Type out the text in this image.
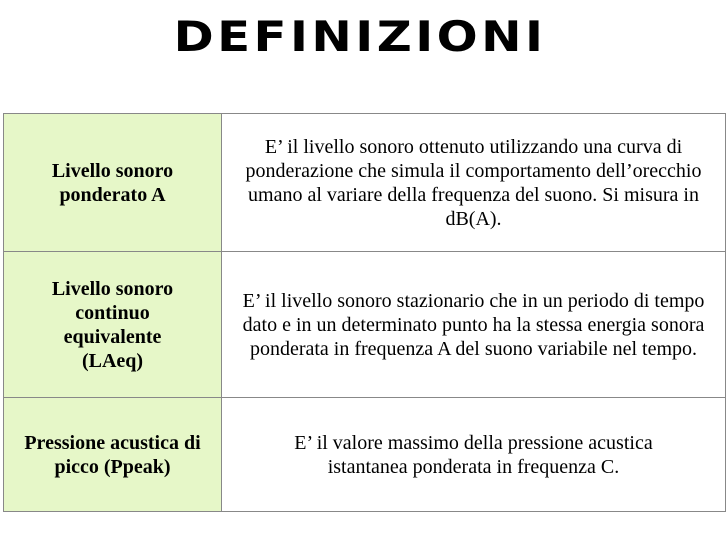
DEFINIZIONI
Livello sonoro ponderato A	E’ il livello sonoro ottenuto utilizzando una curva di ponderazione che simula il comportamento dell’orecchio umano al variare della frequenza del suono. Si misura in dB(A).
Livello sonoro continuo equivalente (LAeq)	E’ il livello sonoro stazionario che in un periodo di tempo dato e in un determinato punto ha la stessa energia sonora ponderata in frequenza A del suono variabile nel tempo.
Pressione acustica di picco (Ppeak)	E’ il valore massimo della pressione acustica istantanea ponderata in frequenza C.
